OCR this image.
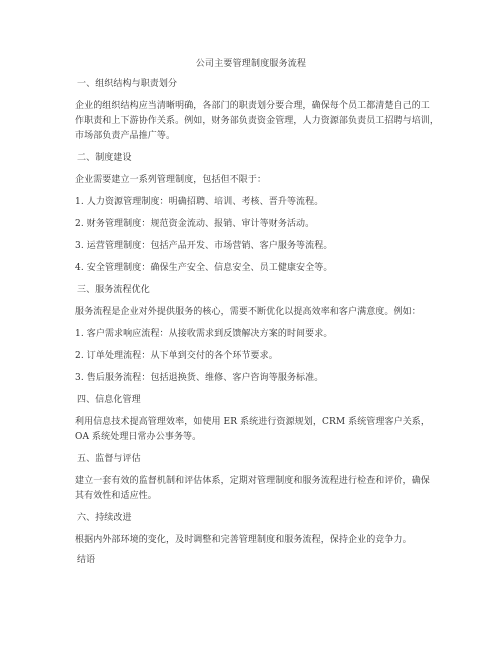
公司主要管理制度服务流程
一、组织结构与职责划分
企业的组织结构应当清晰明确，各部门的职责划分要合理，确保每个员工都清楚自己的工
作职责和上下游协作关系。例如，财务部负责资金管理，人力资源部负责员工招聘与培训，
市场部负责产品推广等。
二、制度建设
企业需要建立一系列管理制度，包括但不限于：
1. 人力资源管理制度：明确招聘、培训、考核、晋升等流程。
2. 财务管理制度：规范资金流动、报销、审计等财务活动。
3. 运营管理制度：包括产品开发、市场营销、客户服务等流程。
4. 安全管理制度：确保生产安全、信息安全、员工健康安全等。
三、服务流程优化
服务流程是企业对外提供服务的核心，需要不断优化以提高效率和客户满意度。例如：
1. 客户需求响应流程：从接收需求到反馈解决方案的时间要求。
2. 订单处理流程：从下单到交付的各个环节要求。
3. 售后服务流程：包括退换货、维修、客户咨询等服务标准。
四、信息化管理
利用信息技术提高管理效率，如使用 ER 系统进行资源规划，CRM 系统管理客户关系，
OA 系统处理日常办公事务等。
五、监督与评估
建立一套有效的监督机制和评估体系，定期对管理制度和服务流程进行检查和评价，确保
其有效性和适应性。
六、持续改进
根据内外部环境的变化，及时调整和完善管理制度和服务流程，保持企业的竞争力。
结语
